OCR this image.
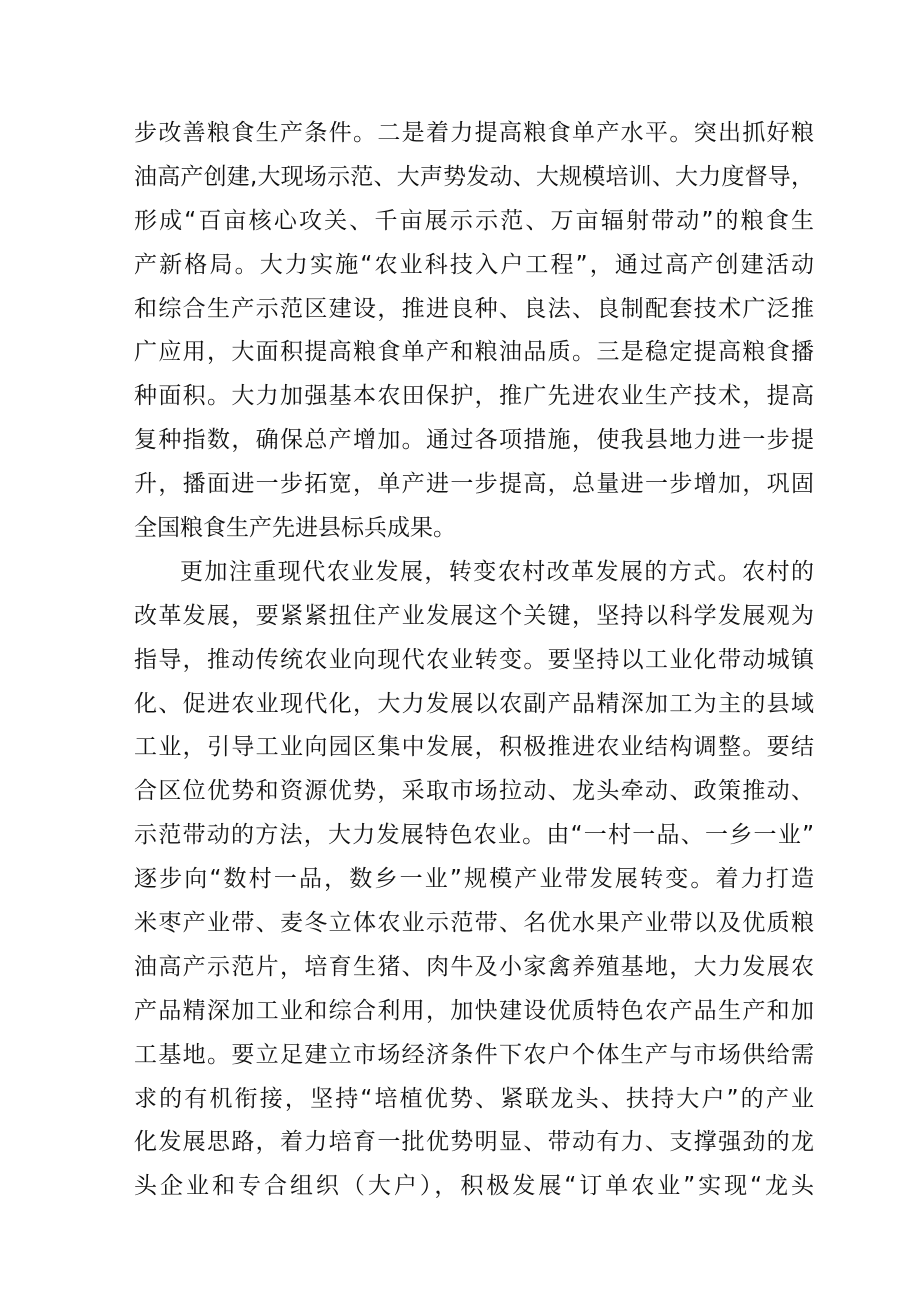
步改善粮食生产条件。二是着力提高粮食单产水平。突出抓好粮
油高产创建,大现场示范、大声势发动、大规模培训、大力度督导，
形成“百亩核心攻关、千亩展示示范、万亩辐射带动”的粮食生
产新格局。大力实施“农业科技入户工程”，通过高产创建活动
和综合生产示范区建设，推进良种、良法、良制配套技术广泛推
广应用，大面积提高粮食单产和粮油品质。三是稳定提高粮食播
种面积。大力加强基本农田保护，推广先进农业生产技术，提高
复种指数，确保总产增加。通过各项措施，使我县地力进一步提
升，播面进一步拓宽，单产进一步提高，总量进一步增加，巩固
全国粮食生产先进县标兵成果。
更加注重现代农业发展，转变农村改革发展的方式。农村的
改革发展，要紧紧扭住产业发展这个关键，坚持以科学发展观为
指导，推动传统农业向现代农业转变。要坚持以工业化带动城镇
化、促进农业现代化，大力发展以农副产品精深加工为主的县域
工业，引导工业向园区集中发展，积极推进农业结构调整。要结
合区位优势和资源优势，采取市场拉动、龙头牵动、政策推动、
示范带动的方法，大力发展特色农业。由“一村一品、一乡一业”
逐步向“数村一品，数乡一业”规模产业带发展转变。着力打造
米枣产业带、麦冬立体农业示范带、名优水果产业带以及优质粮
油高产示范片，培育生猪、肉牛及小家禽养殖基地，大力发展农
产品精深加工业和综合利用，加快建设优质特色农产品生产和加
工基地。要立足建立市场经济条件下农户个体生产与市场供给需
求的有机衔接，坚持“培植优势、紧联龙头、扶持大户”的产业
化发展思路，着力培育一批优势明显、带动有力、支撑强劲的龙
头企业和专合组织（大户），积极发展“订单农业”实现“龙头
